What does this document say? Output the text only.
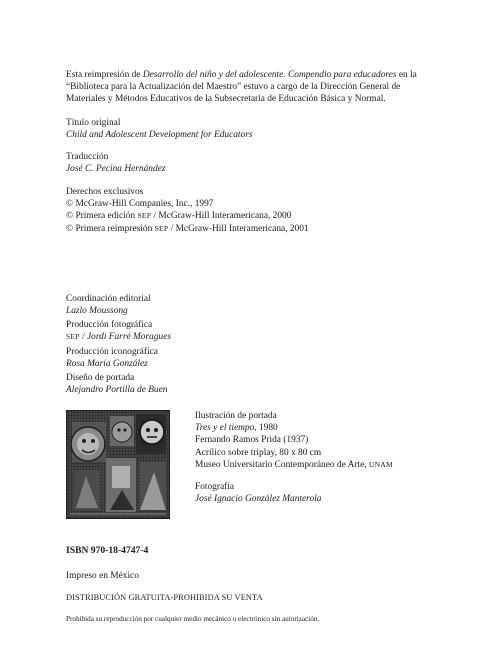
Esta reimpresión de Desarrollo del niño y del adolescente. Compendio para educadores en la “Biblioteca para la Actualización del Maestro” estuvo a cargo de la Dirección General de Materiales y Métodos Educativos de la Subsecretaría de Educación Básica y Normal.

Título original
Child and Adolescent Development for Educators
Traducción
José C. Pecina Hernández
Derechos exclusivos
© McGraw-Hill Companies, Inc., 1997
© Primera edición SEP / McGraw-Hill Interamericana, 2000
© Primera reimpresión SEP / McGraw-Hill Interamericana, 2001
Coordinación editorial
Lazlo Moussong
Producción fotográfica
SEP / Jordi Farré Moragues
Producción iconográfica
Rosa María González
Diseño de portada
Alejandro Portilla de Buen
Ilustración de portada
Tres y el tiempo, 1980
Fernando Ramos Prida (1937)
Acrílico sobre triplay, 80 x 80 cm
Museo Universitario Contemporáneo de Arte, UNAM
Fotografía
José Ignacio González Manterola
ISBN 970-18-4747-4
Impreso en México
DISTRIBUCIÓN GRATUITA-PROHIBIDA SU VENTA
Prohibida su reproducción por cualquier medio mecánico o electrónico sin autorización.
